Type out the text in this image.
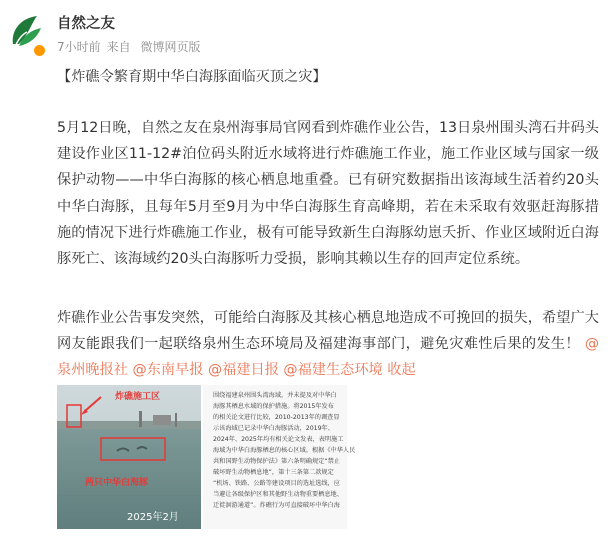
自然之友
7小时前 来自 微博网页版
【炸礁令繁育期中华白海豚面临灭顶之灾】
5月12日晚，自然之友在泉州海事局官网看到炸礁作业公告，13日泉州围头湾石井码头建设作业区11-12#泊位码头附近水域将进行炸礁施工作业，施工作业区域与国家一级保护动物——中华白海豚的核心栖息地重叠。已有研究数据指出该海域生活着约20头中华白海豚，且每年5月至9月为中华白海豚生育高峰期，若在未采取有效驱赶海豚措施的情况下进行炸礁施工作业，极有可能导致新生白海豚幼崽夭折、作业区域附近白海豚死亡、该海域约20头白海豚听力受损，影响其赖以生存的回声定位系统。
炸礁作业公告事发突然，可能给白海豚及其核心栖息地造成不可挽回的损失，希望广大网友能跟我们一起联络泉州生态环境局及福建海事部门，避免灾难性后果的发生！ @泉州晚报社 @东南早报 @福建日报 @福建生态环境 收起
炸礁施工区
两只中华白海豚
2025年2月
围绕福建泉州围头湾海域，并未提及对中华白
海豚其栖息水域的保护措施。将2015年发布
的相关论文进行比较，2010-2013年的调查显
示该海域已记录中华白海豚活动，2019年、
2024年、2025年均有相关论文发表，表明施工
海域为中华白海豚栖息的核心区域。根据《中华人民
共和国野生动物保护法》第六条明确规定“禁止
破坏野生动物栖息地”，第十三条第二款规定
“机场、铁路、公路等建设项目的选址选线，应
当避让各级保护区和其他野生动物重要栖息地、
迁徙洄游通道”。炸礁行为可直接破坏中华白海
